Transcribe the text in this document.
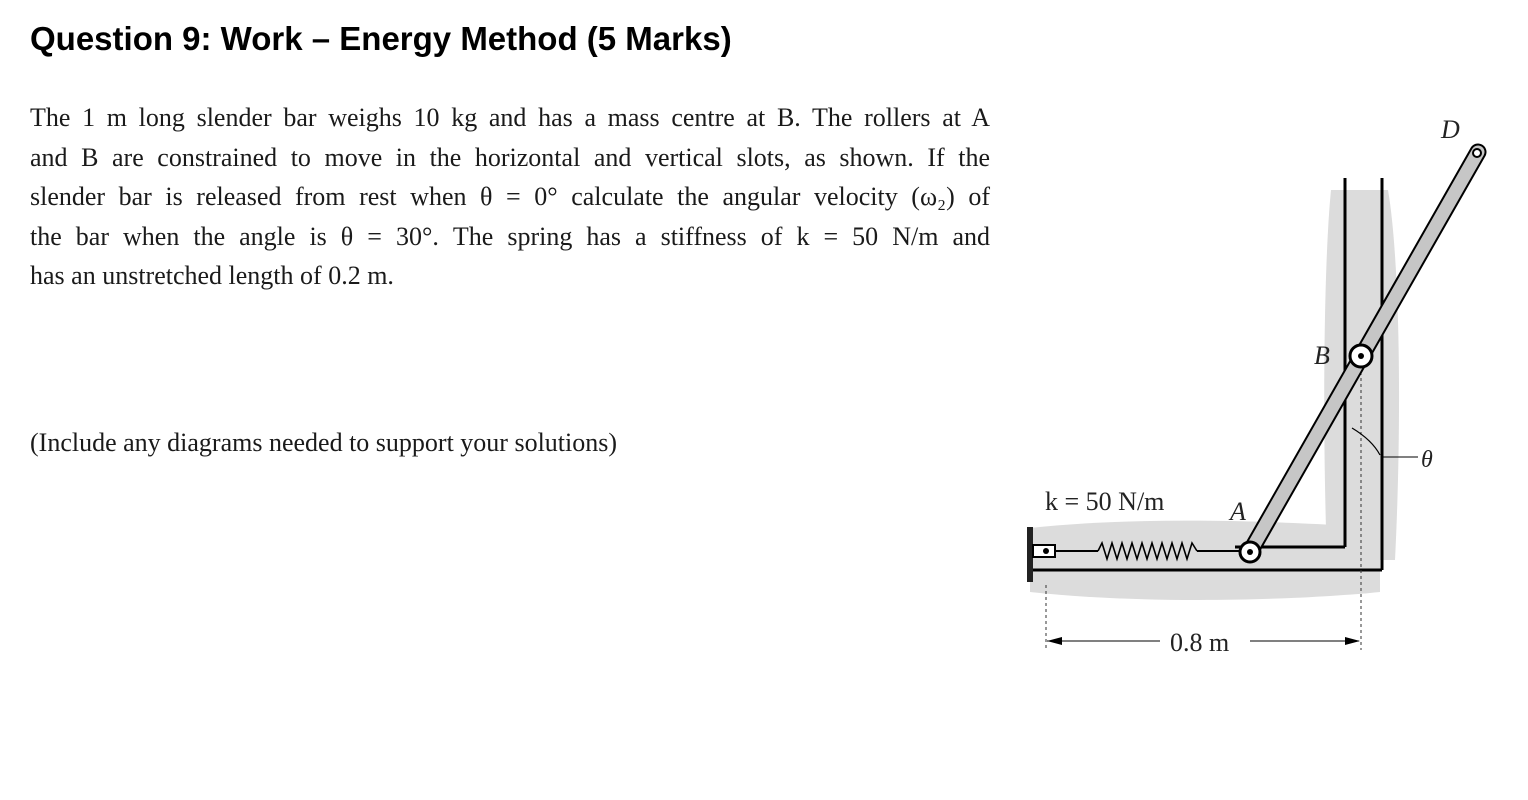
Question 9: Work – Energy Method (5 Marks)
The 1 m long slender bar weighs 10 kg and has a mass centre at B. The rollers at A
and B are constrained to move in the horizontal and vertical slots, as shown. If the
slender bar is released from rest when θ = 0° calculate the angular velocity (ω₂) of
the bar when the angle is θ = 30°. The spring has a stiffness of k = 50 N/m and
has an unstretched length of 0.2 m.
(Include any diagrams needed to support your solutions)
D
B
A
θ
k = 50 N/m
0.8 m
